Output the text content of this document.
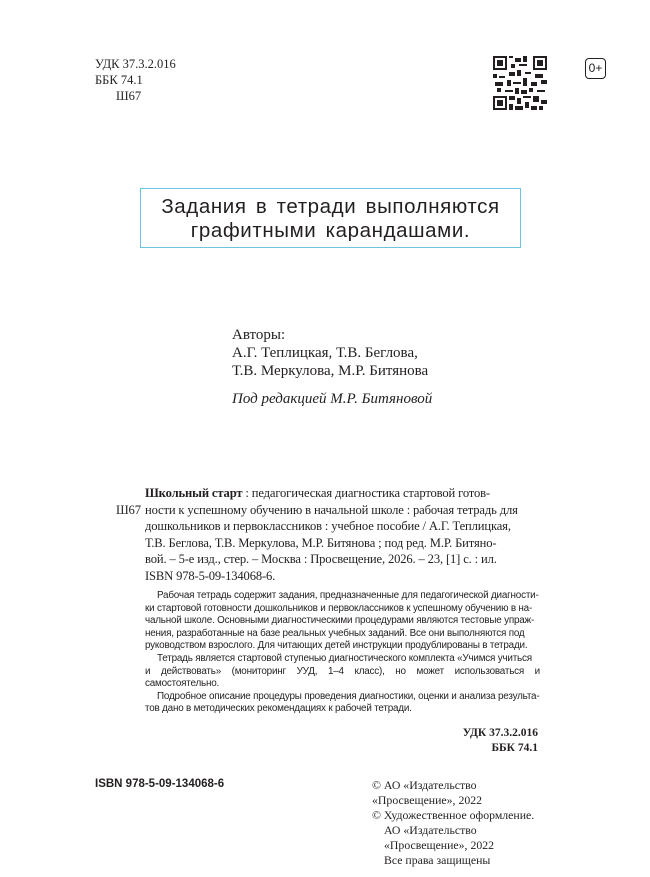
УДК 37.3.2.016
ББК 74.1
Ш67
0+
Задания в тетради выполняются
графитными карандашами.
Авторы:
А.Г. Теплицкая, Т.В. Беглова,
Т.В. Меркулова, М.Р. Битянова
Под редакцией М.Р. Битяновой
Школьный старт : педагогическая диагностика стартовой готов-
Ш67 ности к успешному обучению в начальной школе : рабочая тетрадь для
дошкольников и первоклассников : учебное пособие / А.Г. Теплицкая,
Т.В. Беглова, Т.В. Меркулова, М.Р. Битянова ; под ред. М.Р. Битяно-
вой. – 5-е изд., стер. – Москва : Просвещение, 2026. – 23, [1] с. : ил.
ISBN 978-5-09-134068-6.
Рабочая тетрадь содержит задания, предназначенные для педагогической диагности-
ки стартовой готовности дошкольников и первоклассников к успешному обучению в на-
чальной школе. Основными диагностическими процедурами являются тестовые упраж-
нения, разработанные на базе реальных учебных заданий. Все они выполняются под
руководством взрослого. Для читающих детей инструкции продублированы в тетради.
Тетрадь является стартовой ступенью диагностического комплекта «Учимся учиться
и действовать» (мониторинг УУД, 1–4 класс), но может использоваться и самостоятельно.
Подробное описание процедуры проведения диагностики, оценки и анализа результа-
тов дано в методических рекомендациях к рабочей тетради.
УДК 37.3.2.016
ББК 74.1
ISBN 978-5-09-134068-6	© АО «Издательство «Просвещение», 2022
© Художественное оформление.
АО «Издательство «Просвещение», 2022
Все права защищены
